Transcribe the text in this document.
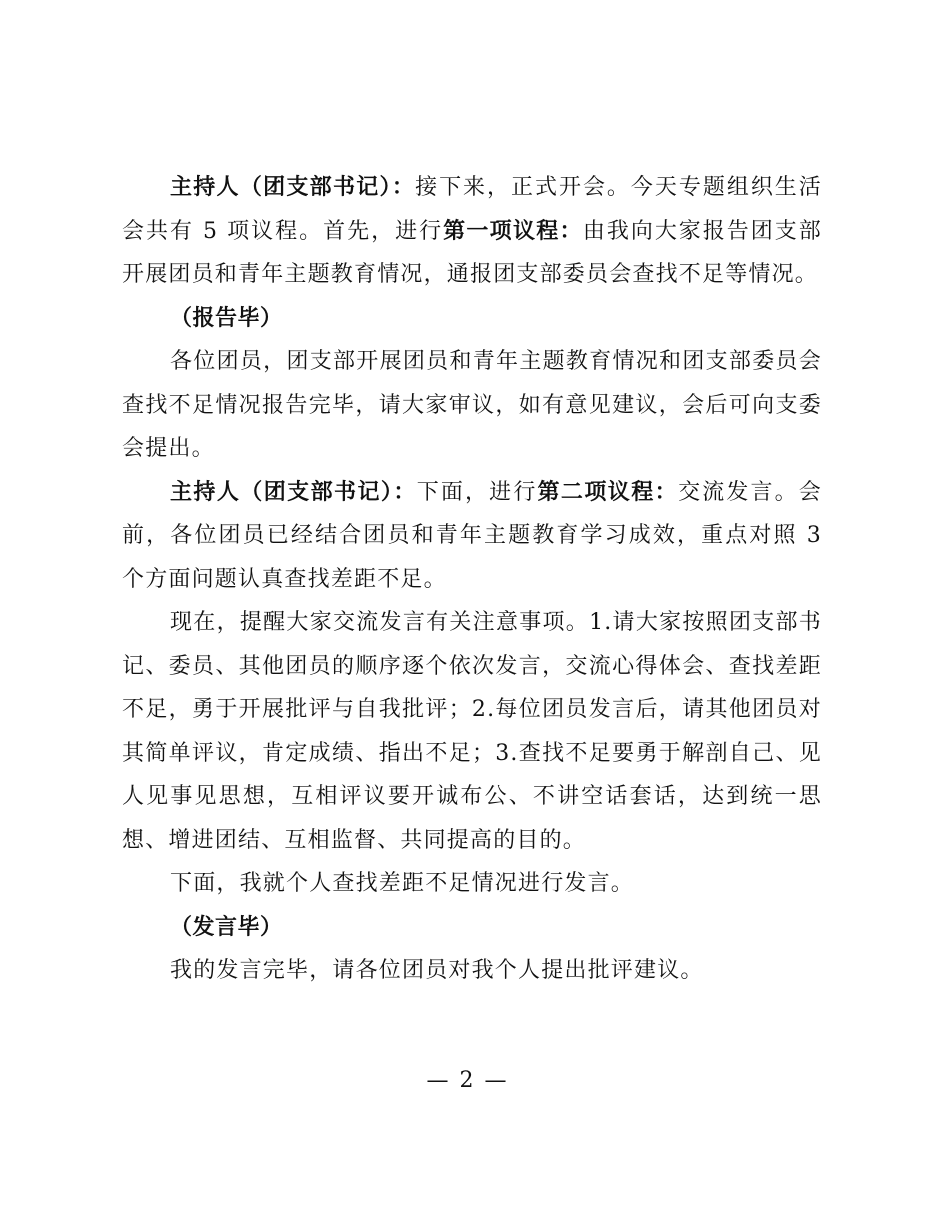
主持人（团支部书记）：接下来，正式开会。今天专题组织生活会共有 5 项议程。首先，进行第一项议程：由我向大家报告团支部开展团员和青年主题教育情况，通报团支部委员会查找不足等情况。

（报告毕）

各位团员，团支部开展团员和青年主题教育情况和团支部委员会查找不足情况报告完毕，请大家审议，如有意见建议，会后可向支委会提出。

主持人（团支部书记）：下面，进行第二项议程：交流发言。会前，各位团员已经结合团员和青年主题教育学习成效，重点对照 3 个方面问题认真查找差距不足。

现在，提醒大家交流发言有关注意事项。1.请大家按照团支部书记、委员、其他团员的顺序逐个依次发言，交流心得体会、查找差距不足，勇于开展批评与自我批评；2.每位团员发言后，请其他团员对其简单评议，肯定成绩、指出不足；3.查找不足要勇于解剖自己、见人见事见思想，互相评议要开诚布公、不讲空话套话，达到统一思想、增进团结、互相监督、共同提高的目的。

下面，我就个人查找差距不足情况进行发言。

（发言毕）

我的发言完毕，请各位团员对我个人提出批评建议。

— 2 —
